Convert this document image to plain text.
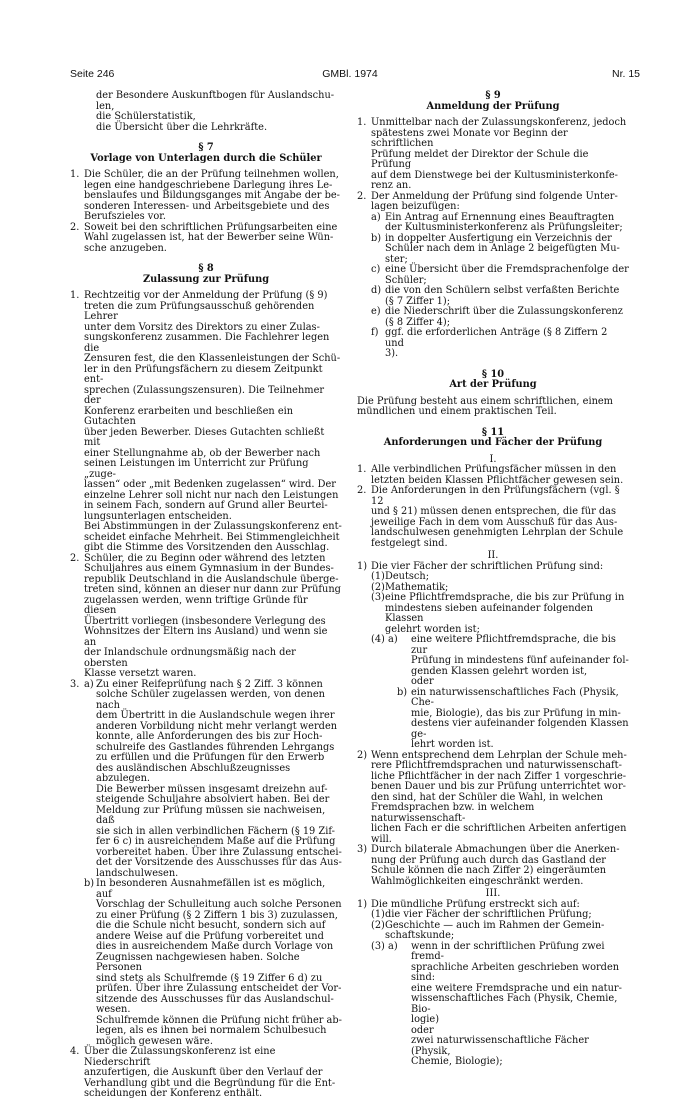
Seite 246	GMBl. 1974	Nr. 15
der Besondere Auskunftbogen für Auslandschu-
len,
die Schülerstatistik,
die Übersicht über die Lehrkräfte.

§ 7

Vorlage von Unterlagen durch die Schüler

1. Die Schüler, die an der Prüfung teilnehmen wollen,
legen eine handgeschriebene Darlegung ihres Le-
benslaufes und Bildungsganges mit Angabe der be-
sonderen Interessen- und Arbeitsgebiete und des
Berufszieles vor.
2. Soweit bei den schriftlichen Prüfungsarbeiten eine
Wahl zugelassen ist, hat der Bewerber seine Wün-
sche anzugeben.

§ 8

Zulassung zur Prüfung

1. Rechtzeitig vor der Anmeldung der Prüfung (§ 9)
treten die zum Prüfungsausschuß gehörenden Lehrer
unter dem Vorsitz des Direktors zu einer Zulas-
sungskonferenz zusammen. Die Fachlehrer legen die
Zensuren fest, die den Klassenleistungen der Schü-
ler in den Prüfungsfächern zu diesem Zeitpunkt ent-
sprechen (Zulassungszensuren). Die Teilnehmer der
Konferenz erarbeiten und beschließen ein Gutachten
über jeden Bewerber. Dieses Gutachten schließt mit
einer Stellungnahme ab, ob der Bewerber nach
seinen Leistungen im Unterricht zur Prüfung „zuge-
lassen“ oder „mit Bedenken zugelassen“ wird. Der
einzelne Lehrer soll nicht nur nach den Leistungen
in seinem Fach, sondern auf Grund aller Beurtei-
lungsunterlagen entscheiden.
Bei Abstimmungen in der Zulassungskonferenz ent-
scheidet einfache Mehrheit. Bei Stimmengleichheit
gibt die Stimme des Vorsitzenden den Ausschlag.
2. Schüler, die zu Beginn oder während des letzten
Schuljahres aus einem Gymnasium in der Bundes-
republik Deutschland in die Auslandschule überge-
treten sind, können an dieser nur dann zur Prüfung
zugelassen werden, wenn triftige Gründe für diesen
Übertritt vorliegen (insbesondere Verlegung des
Wohnsitzes der Eltern ins Ausland) und wenn sie an
der Inlandschule ordnungsmäßig nach der obersten
Klasse versetzt waren.
3. a) Zu einer Reifeprüfung nach § 2 Ziff. 3 können
solche Schüler zugelassen werden, von denen nach
dem Übertritt in die Auslandschule wegen ihrer
anderen Vorbildung nicht mehr verlangt werden
konnte, alle Anforderungen des bis zur Hoch-
schulreife des Gastlandes führenden Lehrgangs
zu erfüllen und die Prüfungen für den Erwerb
des ausländischen Abschlußzeugnisses abzulegen.
Die Bewerber müssen insgesamt dreizehn auf-
steigende Schuljahre absolviert haben. Bei der
Meldung zur Prüfung müssen sie nachweisen, daß
sie sich in allen verbindlichen Fächern (§ 19 Zif-
fer 6 c) in ausreichendem Maße auf die Prüfung
vorbereitet haben. Über ihre Zulassung entschei-
det der Vorsitzende des Ausschusses für das Aus-
landschulwesen.
b) In besonderen Ausnahmefällen ist es möglich, auf
Vorschlag der Schulleitung auch solche Personen
zu einer Prüfung (§ 2 Ziffern 1 bis 3) zuzulassen,
die die Schule nicht besucht, sondern sich auf
andere Weise auf die Prüfung vorbereitet und
dies in ausreichendem Maße durch Vorlage von
Zeugnissen nachgewiesen haben. Solche Personen
sind stets als Schulfremde (§ 19 Ziffer 6 d) zu
prüfen. Über ihre Zulassung entscheidet der Vor-
sitzende des Ausschusses für das Auslandschul-
wesen.
Schulfremde können die Prüfung nicht früher ab-
legen, als es ihnen bei normalem Schulbesuch
möglich gewesen wäre.
4. Über die Zulassungskonferenz ist eine Niederschrift
anzufertigen, die Auskunft über den Verlauf der
Verhandlung gibt und die Begründung für die Ent-
scheidungen der Konferenz enthält.

§ 9

Anmeldung der Prüfung

1. Unmittelbar nach der Zulassungskonferenz, jedoch
spätestens zwei Monate vor Beginn der schriftlichen
Prüfung meldet der Direktor der Schule die Prüfung
auf dem Dienstwege bei der Kultusministerkonfe-
renz an.
2. Der Anmeldung der Prüfung sind folgende Unter-
lagen beizufügen:
a) Ein Antrag auf Ernennung eines Beauftragten
der Kultusministerkonferenz als Prüfungsleiter;
b) in doppelter Ausfertigung ein Verzeichnis der
Schüler nach dem in Anlage 2 beigefügten Mu-
ster;
c) eine Übersicht über die Fremdsprachenfolge der
Schüler;
d) die von den Schülern selbst verfaßten Berichte
(§ 7 Ziffer 1);
e) die Niederschrift über die Zulassungskonferenz
(§ 8 Ziffer 4);
f) ggf. die erforderlichen Anträge (§ 8 Ziffern 2 und
3).

§ 10

Art der Prüfung

Die Prüfung besteht aus einem schriftlichen, einem
mündlichen und einem praktischen Teil.

§ 11

Anforderungen und Fächer der Prüfung

I.

1. Alle verbindlichen Prüfungsfächer müssen in den
letzten beiden Klassen Pflichtfächer gewesen sein.
2. Die Anforderungen in den Prüfungsfächern (vgl. § 12
und § 21) müssen denen entsprechen, die für das
jeweilige Fach in dem vom Ausschuß für das Aus-
landschulwesen genehmigten Lehrplan der Schule
festgelegt sind.

II.

1) Die vier Fächer der schriftlichen Prüfung sind:
(1) Deutsch;
(2) Mathematik;
(3) eine Pflichtfremdsprache, die bis zur Prüfung in
mindestens sieben aufeinander folgenden Klassen
gelehrt worden ist;
(4) a) eine weitere Pflichtfremdsprache, die bis zur
Prüfung in mindestens fünf aufeinander fol-
genden Klassen gelehrt worden ist,
oder
b) ein naturwissenschaftliches Fach (Physik, Che-
mie, Biologie), das bis zur Prüfung in min-
destens vier aufeinander folgenden Klassen ge-
lehrt worden ist.
2) Wenn entsprechend dem Lehrplan der Schule meh-
rere Pflichtfremdsprachen und naturwissenschaft-
liche Pflichtfächer in der nach Ziffer 1 vorgeschrie-
benen Dauer und bis zur Prüfung unterrichtet wor-
den sind, hat der Schüler die Wahl, in welchen
Fremdsprachen bzw. in welchem naturwissenschaft-
lichen Fach er die schriftlichen Arbeiten anfertigen
will.
3) Durch bilaterale Abmachungen über die Anerken-
nung der Prüfung auch durch das Gastland der
Schule können die nach Ziffer 2) eingeräumten
Wahlmöglichkeiten eingeschränkt werden.

III.

1) Die mündliche Prüfung erstreckt sich auf:
(1) die vier Fächer der schriftlichen Prüfung;
(2) Geschichte — auch im Rahmen der Gemein-
schaftskunde;
(3) a) wenn in der schriftlichen Prüfung zwei fremd-
sprachliche Arbeiten geschrieben worden sind:
eine weitere Fremdsprache und ein natur-
wissenschaftliches Fach (Physik, Chemie, Bio-
logie)
oder
zwei naturwissenschaftliche Fächer (Physik,
Chemie, Biologie);
